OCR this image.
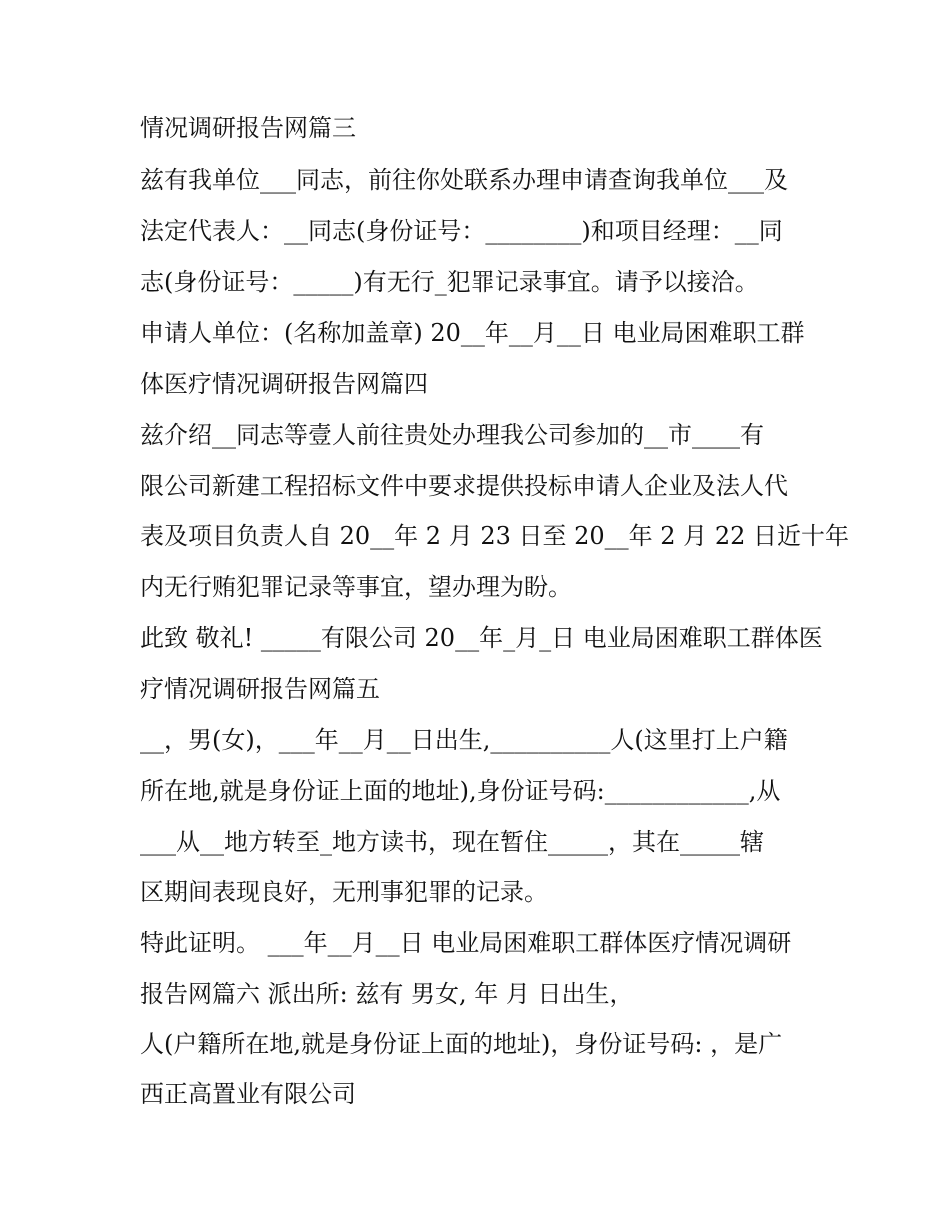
情况调研报告网篇三

兹有我单位___同志，前往你处联系办理申请查询我单位___及

法定代表人：__同志(身份证号：________)和项目经理：__同

志(身份证号：_____)有无行_犯罪记录事宜。请予以接洽。

申请人单位：(名称加盖章) 20__年__月__日 电业局困难职工群

体医疗情况调研报告网篇四

兹介绍__同志等壹人前往贵处办理我公司参加的__市____有

限公司新建工程招标文件中要求提供投标申请人企业及法人代

表及项目负责人自 20__年 2 月 23 日至 20__年 2 月 22 日近十年

内无行贿犯罪记录等事宜，望办理为盼。

此致 敬礼! _____有限公司 20__年_月_日 电业局困难职工群体医

疗情况调研报告网篇五

__，男(女)，___年__月__日出生,__________人(这里打上户籍

所在地,就是身份证上面的地址),身份证号码:____________,从

___从__地方转至_地方读书，现在暂住_____，其在_____辖

区期间表现良好，无刑事犯罪的记录。

特此证明。 ___年__月__日 电业局困难职工群体医疗情况调研

报告网篇六 派出所: 兹有 男女, 年 月 日出生，

人(户籍所在地,就是身份证上面的地址)，身份证号码: ，是广

西正高置业有限公司
